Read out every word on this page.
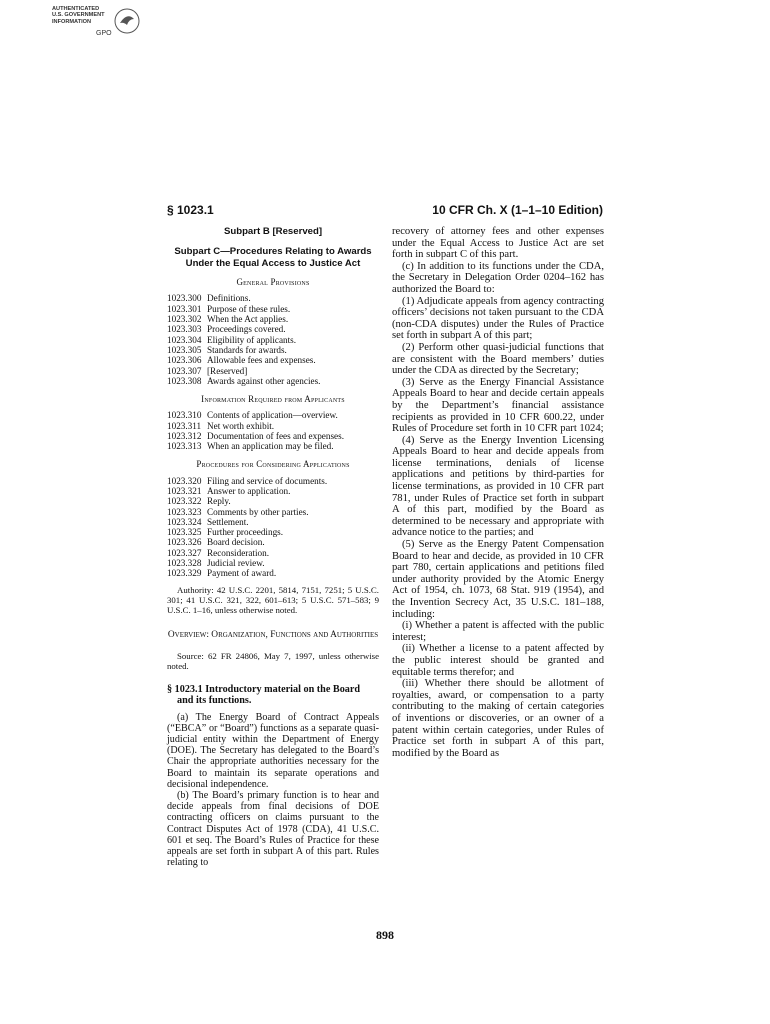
AUTHENTICATED
U.S. GOVERNMENT
INFORMATION
GPO
§ 1023.1	10 CFR Ch. X (1–1–10 Edition)
Subpart B [Reserved]
Subpart C—Procedures Relating to Awards Under the Equal Access to Justice Act
General Provisions
1023.300 Definitions.
1023.301 Purpose of these rules.
1023.302 When the Act applies.
1023.303 Proceedings covered.
1023.304 Eligibility of applicants.
1023.305 Standards for awards.
1023.306 Allowable fees and expenses.
1023.307 [Reserved]
1023.308 Awards against other agencies.
Information Required from Applicants
1023.310 Contents of application—overview.
1023.311 Net worth exhibit.
1023.312 Documentation of fees and expenses.
1023.313 When an application may be filed.
Procedures for Considering Applications
1023.320 Filing and service of documents.
1023.321 Answer to application.
1023.322 Reply.
1023.323 Comments by other parties.
1023.324 Settlement.
1023.325 Further proceedings.
1023.326 Board decision.
1023.327 Reconsideration.
1023.328 Judicial review.
1023.329 Payment of award.
Authority: 42 U.S.C. 2201, 5814, 7151, 7251; 5 U.S.C. 301; 41 U.S.C. 321, 322, 601–613; 5 U.S.C. 571–583; 9 U.S.C. 1–16, unless otherwise noted.
Overview: Organization, Functions and Authorities
Source: 62 FR 24806, May 7, 1997, unless otherwise noted.
§ 1023.1 Introductory material on the Board and its functions.

(a) The Energy Board of Contract Appeals (“EBCA” or “Board”) functions as a separate quasi-judicial entity within the Department of Energy (DOE). The Secretary has delegated to the Board’s Chair the appropriate authorities necessary for the Board to maintain its separate operations and decisional independence.

(b) The Board’s primary function is to hear and decide appeals from final decisions of DOE contracting officers on claims pursuant to the Contract Disputes Act of 1978 (CDA), 41 U.S.C. 601 et seq. The Board’s Rules of Practice for these appeals are set forth in subpart A of this part. Rules relating to

recovery of attorney fees and other expenses under the Equal Access to Justice Act are set forth in subpart C of this part.

(c) In addition to its functions under the CDA, the Secretary in Delegation Order 0204–162 has authorized the Board to:

(1) Adjudicate appeals from agency contracting officers’ decisions not taken pursuant to the CDA (non-CDA disputes) under the Rules of Practice set forth in subpart A of this part;

(2) Perform other quasi-judicial functions that are consistent with the Board members’ duties under the CDA as directed by the Secretary;

(3) Serve as the Energy Financial Assistance Appeals Board to hear and decide certain appeals by the Department’s financial assistance recipients as provided in 10 CFR 600.22, under Rules of Procedure set forth in 10 CFR part 1024;

(4) Serve as the Energy Invention Licensing Appeals Board to hear and decide appeals from license terminations, denials of license applications and petitions by third-parties for license terminations, as provided in 10 CFR part 781, under Rules of Practice set forth in subpart A of this part, modified by the Board as determined to be necessary and appropriate with advance notice to the parties; and

(5) Serve as the Energy Patent Compensation Board to hear and decide, as provided in 10 CFR part 780, certain applications and petitions filed under authority provided by the Atomic Energy Act of 1954, ch. 1073, 68 Stat. 919 (1954), and the Invention Secrecy Act, 35 U.S.C. 181–188, including:

(i) Whether a patent is affected with the public interest;

(ii) Whether a license to a patent affected by the public interest should be granted and equitable terms therefor; and

(iii) Whether there should be allotment of royalties, award, or compensation to a party contributing to the making of certain categories of inventions or discoveries, or an owner of a patent within certain categories, under Rules of Practice set forth in subpart A of this part, modified by the Board as

898
